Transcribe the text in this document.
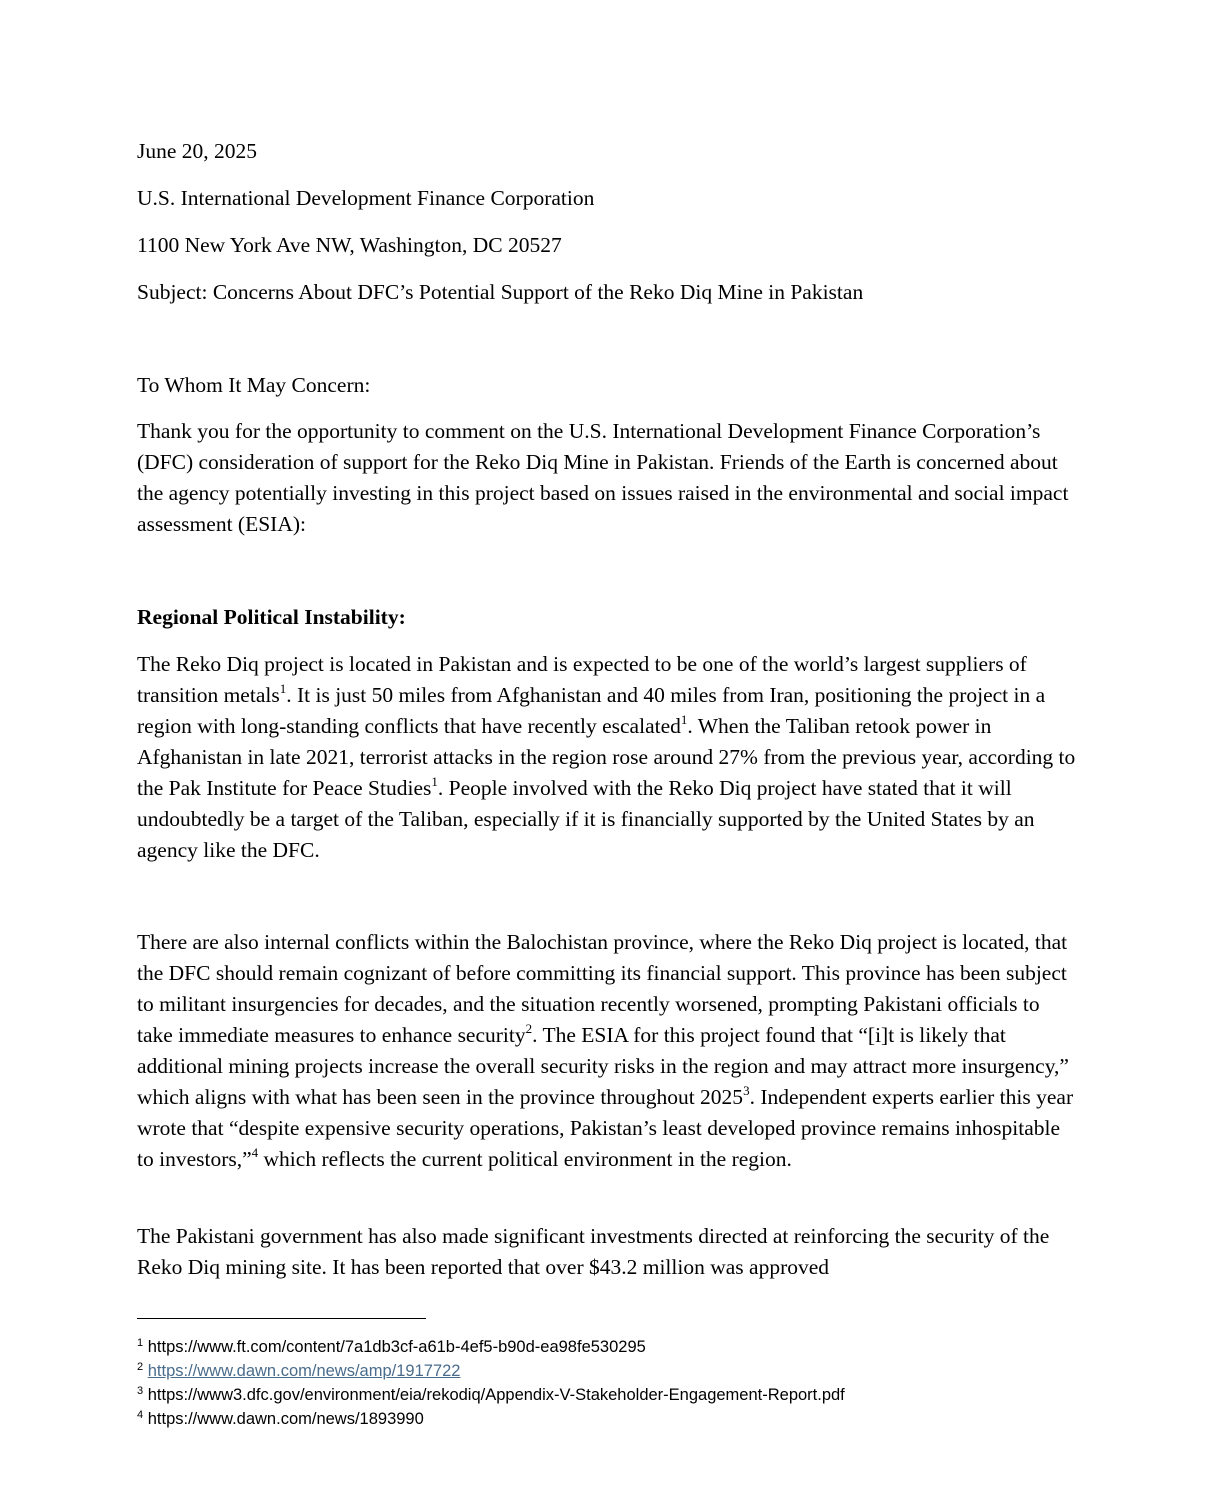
June 20, 2025

U.S. International Development Finance Corporation

1100 New York Ave NW, Washington, DC 20527

Subject: Concerns About DFC’s Potential Support of the Reko Diq Mine in Pakistan

To Whom It May Concern:

Thank you for the opportunity to comment on the U.S. International Development Finance Corporation’s (DFC) consideration of support for the Reko Diq Mine in Pakistan. Friends of the Earth is concerned about the agency potentially investing in this project based on issues raised in the environmental and social impact assessment (ESIA):

Regional Political Instability:

The Reko Diq project is located in Pakistan and is expected to be one of the world’s largest suppliers of transition metals$^1$. It is just 50 miles from Afghanistan and 40 miles from Iran, positioning the project in a region with long-standing conflicts that have recently escalated$^1$. When the Taliban retook power in Afghanistan in late 2021, terrorist attacks in the region rose around 27% from the previous year, according to the Pak Institute for Peace Studies$^1$. People involved with the Reko Diq project have stated that it will undoubtedly be a target of the Taliban, especially if it is financially supported by the United States by an agency like the DFC.

There are also internal conflicts within the Balochistan province, where the Reko Diq project is located, that the DFC should remain cognizant of before committing its financial support. This province has been subject to militant insurgencies for decades, and the situation recently worsened, prompting Pakistani officials to take immediate measures to enhance security$^2$. The ESIA for this project found that “[i]t is likely that additional mining projects increase the overall security risks in the region and may attract more insurgency,” which aligns with what has been seen in the province throughout 2025$^3$. Independent experts earlier this year wrote that “despite expensive security operations, Pakistan’s least developed province remains inhospitable to investors,”$^4$ which reflects the current political environment in the region.

The Pakistani government has also made significant investments directed at reinforcing the security of the Reko Diq mining site. It has been reported that over $43.2 million was approved

$^1$ https://www.ft.com/content/7a1db3cf-a61b-4ef5-b90d-ea98fe530295

$^2$ https://www.dawn.com/news/amp/1917722

$^3$ https://www3.dfc.gov/environment/eia/rekodiq/Appendix-V-Stakeholder-Engagement-Report.pdf

$^4$ https://www.dawn.com/news/1893990
